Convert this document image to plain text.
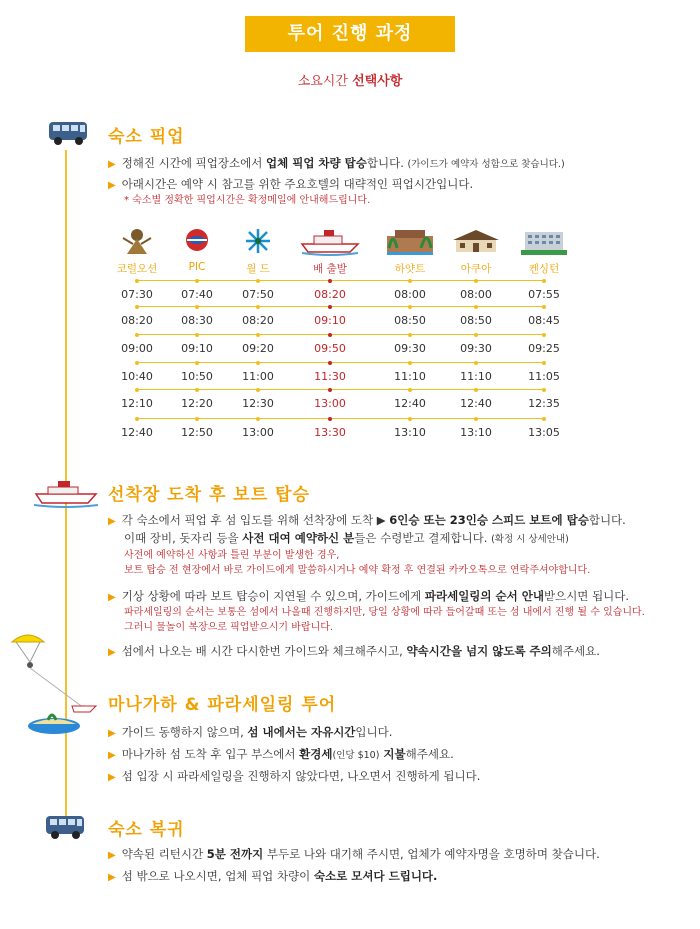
투어 진행 과정
소요시간 선택사항
숙소 픽업
▶ 정해진 시간에 픽업장소에서 업체 픽업 차량 탑승합니다. (가이드가 예약자 성함으로 찾습니다.)
▶ 아래시간은 예약 시 참고를 위한 주요호텔의 대략적인 픽업시간입니다.
* 숙소별 정확한 픽업시간은 확정메일에 안내해드립니다.
코럴오션	PIC	월 드	배 출발	하얏트	아쿠아	켄싱턴
07:30	07:40	07:50	08:20	08:00	08:00	07:55
08:20	08:30	08:20	09:10	08:50	08:50	08:45
09:00	09:10	09:20	09:50	09:30	09:30	09:25
10:40	10:50	11:00	11:30	11:10	11:10	11:05
12:10	12:20	12:30	13:00	12:40	12:40	12:35
12:40	12:50	13:00	13:30	13:10	13:10	13:05
선착장 도착 후 보트 탑승
▶ 각 숙소에서 픽업 후 섬 입도를 위해 선착장에 도착 ▶ 6인승 또는 23인승 스피드 보트에 탑승합니다.
이때 장비, 돗자리 등을 사전 대여 예약하신 분들은 수령받고 결제합니다. (확정 시 상세안내)
사전에 예약하신 사항과 틀린 부분이 발생한 경우,
보트 탑승 전 현장에서 바로 가이드에게 말씀하시거나 예약 확정 후 연결된 카카오톡으로 연락주셔야합니다.
▶ 기상 상황에 따라 보트 탑승이 지연될 수 있으며, 가이드에게 파라세일링의 순서 안내받으시면 됩니다.
파라세일링의 순서는 보통은 섬에서 나올때 진행하지만, 당일 상황에 따라 들어갈때 또는 섬 내에서 진행 될 수 있습니다.
그러니 물놀이 복장으로 픽업받으시기 바랍니다.
▶ 섬에서 나오는 배 시간 다시한번 가이드와 체크해주시고, 약속시간을 넘지 않도록 주의해주세요.
마나가하 & 파라세일링 투어
▶ 가이드 동행하지 않으며, 섬 내에서는 자유시간입니다.
▶ 마나가하 섬 도착 후 입구 부스에서 환경세(인당 $10) 지불해주세요.
▶ 섬 입장 시 파라세일링을 진행하지 않았다면, 나오면서 진행하게 됩니다.
숙소 복귀
▶ 약속된 리턴시간 5분 전까지 부두로 나와 대기해 주시면, 업체가 예약자명을 호명하며 찾습니다.
▶ 섬 밖으로 나오시면, 업체 픽업 차량이 숙소로 모셔다 드립니다.
